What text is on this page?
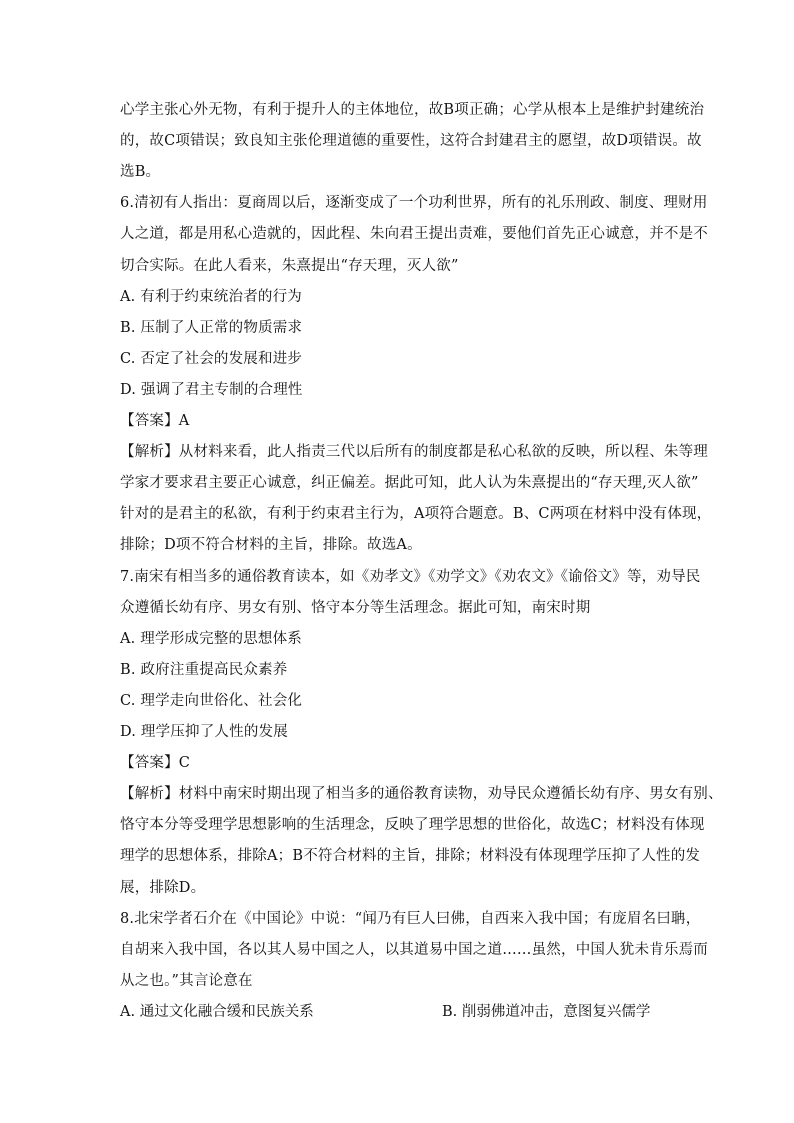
心学主张心外无物，有利于提升人的主体地位，故B项正确；心学从根本上是维护封建统治
的，故C项错误；致良知主张伦理道德的重要性，这符合封建君主的愿望，故D项错误。故
选B。
6.清初有人指出：夏商周以后，逐渐变成了一个功利世界，所有的礼乐刑政、制度、理财用
人之道，都是用私心造就的，因此程、朱向君王提出责难，要他们首先正心诚意，并不是不
切合实际。在此人看来，朱熹提出“存天理，灭人欲”
A. 有利于约束统治者的行为
B. 压制了人正常的物质需求
C. 否定了社会的发展和进步
D. 强调了君主专制的合理性
【答案】A
【解析】从材料来看，此人指责三代以后所有的制度都是私心私欲的反映，所以程、朱等理
学家才要求君主要正心诚意，纠正偏差。据此可知，此人认为朱熹提出的“存天理,灭人欲”
针对的是君主的私欲，有利于约束君主行为，A项符合题意。B、C两项在材料中没有体现，
排除；D项不符合材料的主旨，排除。故选A。
7.南宋有相当多的通俗教育读本，如《劝孝文》《劝学文》《劝农文》《谕俗文》等，劝导民
众遵循长幼有序、男女有别、恪守本分等生活理念。据此可知，南宋时期
A. 理学形成完整的思想体系
B. 政府注重提高民众素养
C. 理学走向世俗化、社会化
D. 理学压抑了人性的发展
【答案】C
【解析】材料中南宋时期出现了相当多的通俗教育读物，劝导民众遵循长幼有序、男女有别、
恪守本分等受理学思想影响的生活理念，反映了理学思想的世俗化，故选C；材料没有体现
理学的思想体系，排除A；B不符合材料的主旨，排除；材料没有体现理学压抑了人性的发
展，排除D。
8.北宋学者石介在《中国论》中说：“闻乃有巨人曰佛，自西来入我中国；有庞眉名曰聃，
自胡来入我中国，各以其人易中国之人，以其道易中国之道……虽然，中国人犹未肯乐焉而
从之也。”其言论意在
A. 通过文化融合缓和民族关系	B. 削弱佛道冲击，意图复兴儒学
